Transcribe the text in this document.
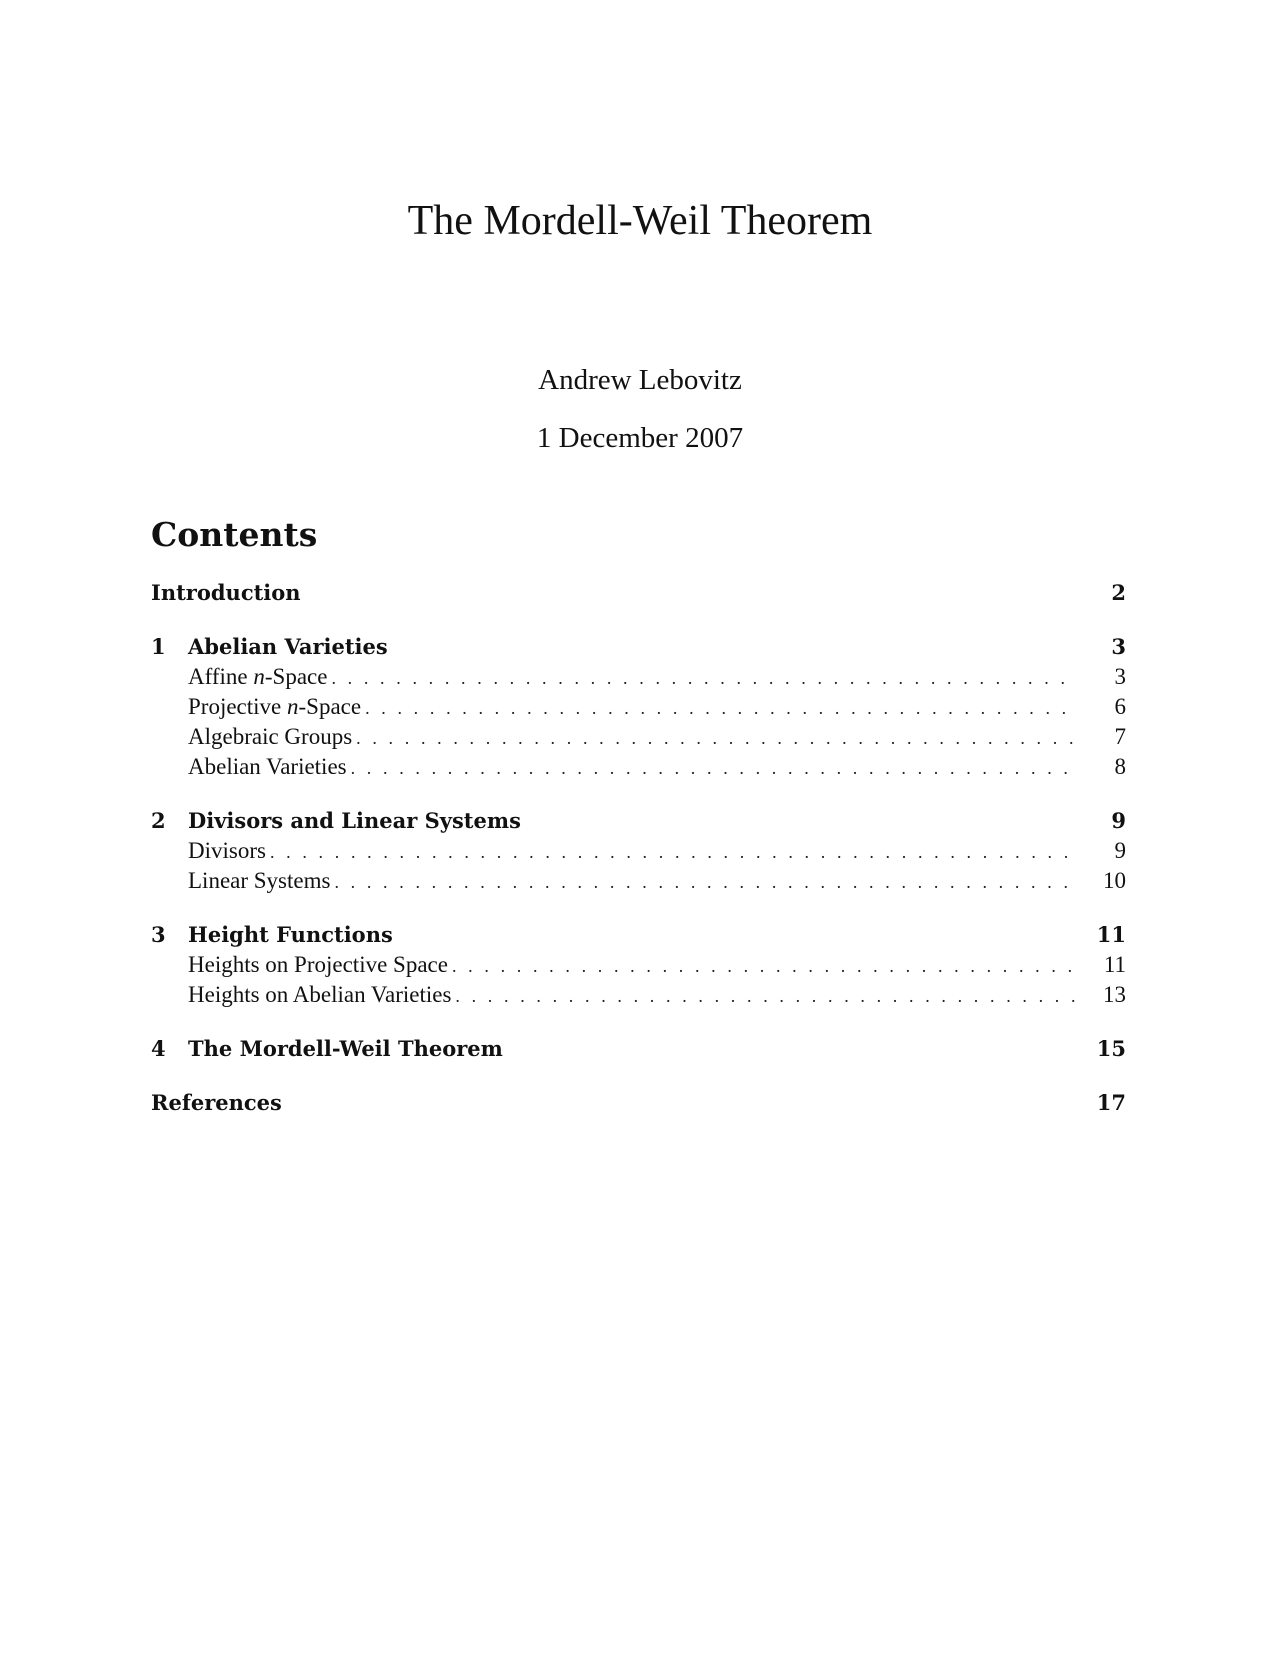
The Mordell-Weil Theorem
Andrew Lebovitz
1 December 2007
Contents
Introduction	2
1	Abelian Varieties	3
Affine n-Space . . .	3
Projective n-Space . . .	6
Algebraic Groups . . .	7
Abelian Varieties . . .	8
2	Divisors and Linear Systems	9
Divisors . . .	9
Linear Systems . . .	10
3	Height Functions	11
Heights on Projective Space . . .	11
Heights on Abelian Varieties . . .	13
4	The Mordell-Weil Theorem	15
References	17
